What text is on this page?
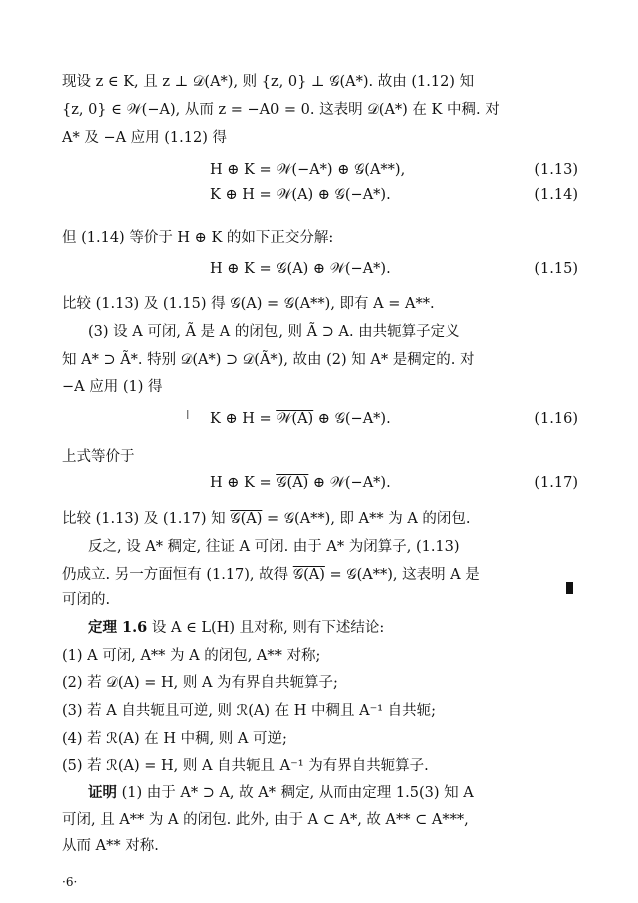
现设 z ∈ K, 且 z ⊥ 𝒟(A*), 则 {z, 0} ⊥ 𝒢(A*). 故由 (1.12) 知
{z, 0} ∈ 𝒲(−A), 从而 z = −A0 = 0. 这表明 𝒟(A*) 在 K 中稠. 对
A* 及 −A 应用 (1.12) 得
H ⊕ K = 𝒲(−A*) ⊕ 𝒢(A**),	(1.13)
K ⊕ H = 𝒲(A) ⊕ 𝒢(−A*).	(1.14)
但 (1.14) 等价于 H ⊕ K 的如下正交分解:
H ⊕ K = 𝒢(A) ⊕ 𝒲(−A*).	(1.15)
比较 (1.13) 及 (1.15) 得 𝒢(A) = 𝒢(A**), 即有 A = A**.
(3) 设 A 可闭, Ã 是 A 的闭包, 则 Ã ⊃ A. 由共轭算子定义
知 A* ⊃ Ã*. 特别 𝒟(A*) ⊃ 𝒟(Ã*), 故由 (2) 知 A* 是稠定的. 对
−A 应用 (1) 得
ǀ K ⊕ H = 𝒲(A) ⊕ 𝒢(−A*).	(1.16)
上式等价于
H ⊕ K = 𝒢(A) ⊕ 𝒲(−A*).	(1.17)
比较 (1.13) 及 (1.17) 知 𝒢(A) = 𝒢(A**), 即 A** 为 A 的闭包.
反之, 设 A* 稠定, 往证 A 可闭. 由于 A* 为闭算子, (1.13)
仍成立. 另一方面恒有 (1.17), 故得 𝒢(A) = 𝒢(A**), 这表明 A 是
可闭的.
定理 1.6 设 A ∈ L(H) 且对称, 则有下述结论:
(1) A 可闭, A** 为 A 的闭包, A** 对称;
(2) 若 𝒟(A) = H, 则 A 为有界自共轭算子;
(3) 若 A 自共轭且可逆, 则 ℛ(A) 在 H 中稠且 A⁻¹ 自共轭;
(4) 若 ℛ(A) 在 H 中稠, 则 A 可逆;
(5) 若 ℛ(A) = H, 则 A 自共轭且 A⁻¹ 为有界自共轭算子.
证明 (1) 由于 A* ⊃ A, 故 A* 稠定, 从而由定理 1.5(3) 知 A
可闭, 且 A** 为 A 的闭包. 此外, 由于 A ⊂ A*, 故 A** ⊂ A***,
从而 A** 对称.
·6·
